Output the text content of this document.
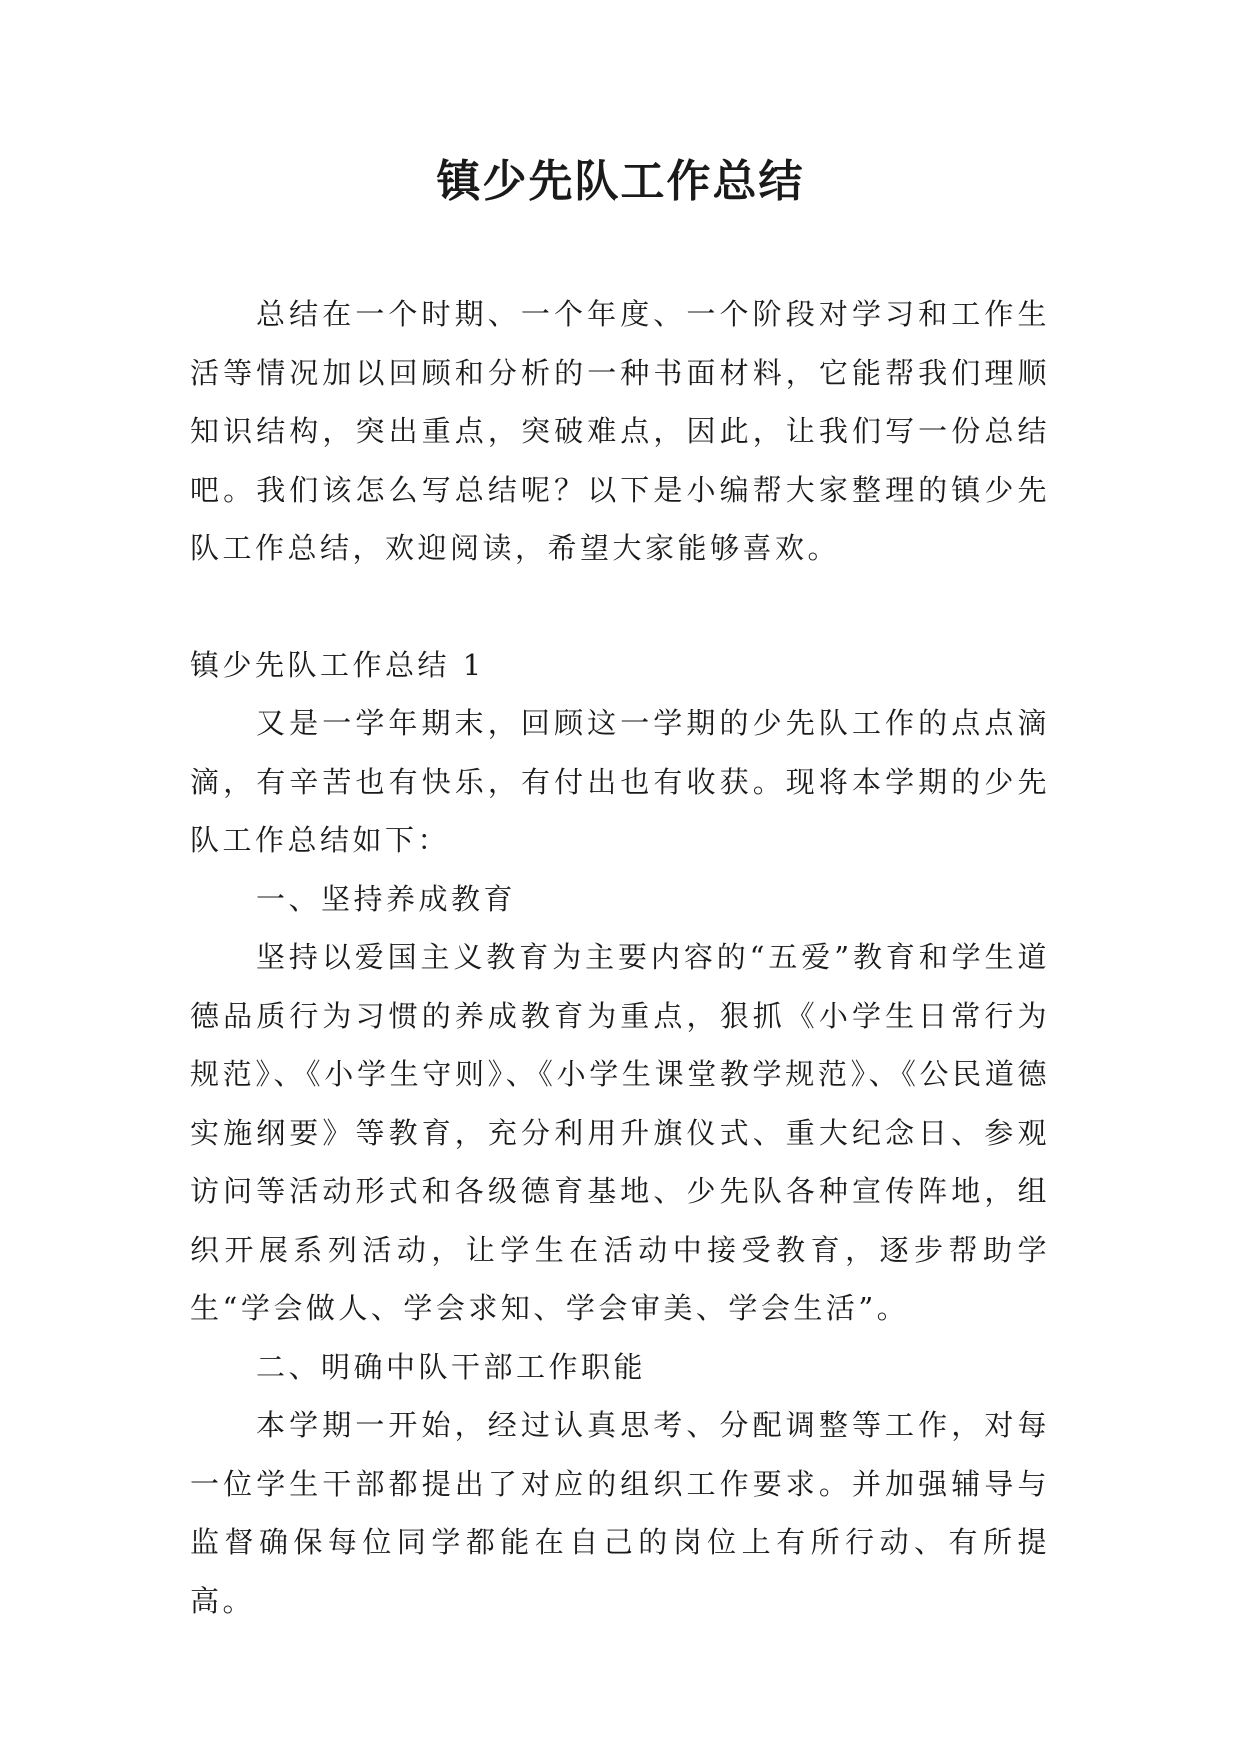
镇少先队工作总结

总结在一个时期、一个年度、一个阶段对学习和工作生活等情况加以回顾和分析的一种书面材料，它能帮我们理顺知识结构，突出重点，突破难点，因此，让我们写一份总结吧。我们该怎么写总结呢？以下是小编帮大家整理的镇少先队工作总结，欢迎阅读，希望大家能够喜欢。

镇少先队工作总结 1

又是一学年期末，回顾这一学期的少先队工作的点点滴滴，有辛苦也有快乐，有付出也有收获。现将本学期的少先队工作总结如下：

一、坚持养成教育

坚持以爱国主义教育为主要内容的“五爱”教育和学生道德品质行为习惯的养成教育为重点，狠抓《小学生日常行为规范》、《小学生守则》、《小学生课堂教学规范》、《公民道德实施纲要》等教育，充分利用升旗仪式、重大纪念日、参观访问等活动形式和各级德育基地、少先队各种宣传阵地，组织开展系列活动，让学生在活动中接受教育，逐步帮助学生“学会做人、学会求知、学会审美、学会生活”。

二、明确中队干部工作职能

本学期一开始，经过认真思考、分配调整等工作，对每一位学生干部都提出了对应的组织工作要求。并加强辅导与监督确保每位同学都能在自己的岗位上有所行动、有所提高。
